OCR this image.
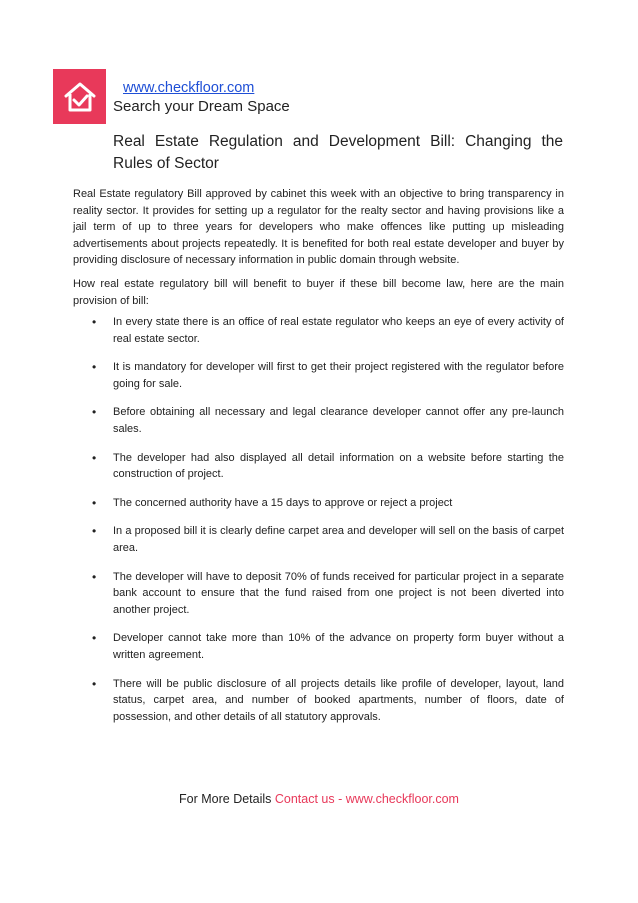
www.checkfloor.com
Search your Dream Space
Real Estate Regulation and Development Bill: Changing the Rules of Sector

Real Estate regulatory Bill approved by cabinet this week with an objective to bring transparency in reality sector. It provides for setting up a regulator for the realty sector and having provisions like a jail term of up to three years for developers who make offences like putting up misleading advertisements about projects repeatedly. It is benefited for both real estate developer and buyer by providing disclosure of necessary information in public domain through website.

How real estate regulatory bill will benefit to buyer if these bill become law, here are the main provision of bill:

• In every state there is an office of real estate regulator who keeps an eye of every activity of real estate sector.
• It is mandatory for developer will first to get their project registered with the regulator before going for sale.
• Before obtaining all necessary and legal clearance developer cannot offer any pre-launch sales.
• The developer had also displayed all detail information on a website before starting the construction of project.
• The concerned authority have a 15 days to approve or reject a project
• In a proposed bill it is clearly define carpet area and developer will sell on the basis of carpet area.
• The developer will have to deposit 70% of funds received for particular project in a separate bank account to ensure that the fund raised from one project is not been diverted into another project.
• Developer cannot take more than 10% of the advance on property form buyer without a written agreement.
• There will be public disclosure of all projects details like profile of developer, layout, land status, carpet area, and number of booked apartments, number of floors, date of possession, and other details of all statutory approvals.
For More Details Contact us - www.checkfloor.com
